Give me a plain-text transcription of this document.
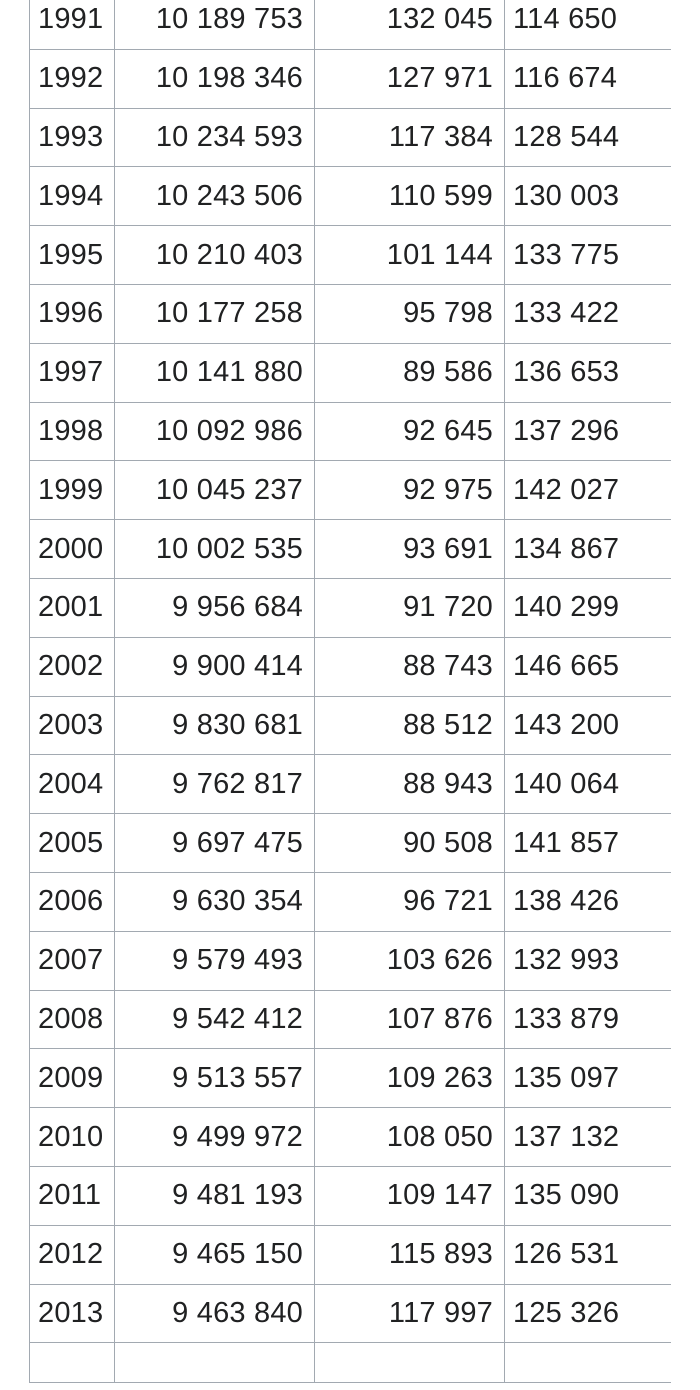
1991	10 189 753	132 045	114 650
1992	10 198 346	127 971	116 674
1993	10 234 593	117 384	128 544
1994	10 243 506	110 599	130 003
1995	10 210 403	101 144	133 775
1996	10 177 258	95 798	133 422
1997	10 141 880	89 586	136 653
1998	10 092 986	92 645	137 296
1999	10 045 237	92 975	142 027
2000	10 002 535	93 691	134 867
2001	9 956 684	91 720	140 299
2002	9 900 414	88 743	146 665
2003	9 830 681	88 512	143 200
2004	9 762 817	88 943	140 064
2005	9 697 475	90 508	141 857
2006	9 630 354	96 721	138 426
2007	9 579 493	103 626	132 993
2008	9 542 412	107 876	133 879
2009	9 513 557	109 263	135 097
2010	9 499 972	108 050	137 132
2011	9 481 193	109 147	135 090
2012	9 465 150	115 893	126 531
2013	9 463 840	117 997	125 326
